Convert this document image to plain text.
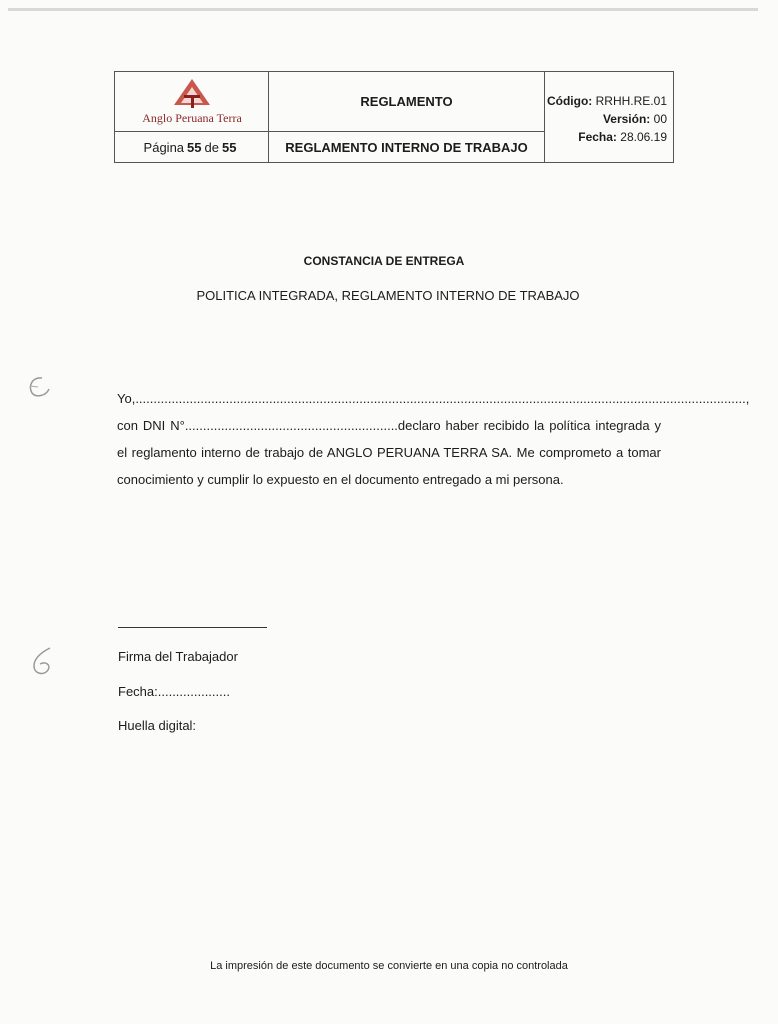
Anglo Peruana Terra
Página 55 de 55
REGLAMENTO
REGLAMENTO INTERNO DE TRABAJO
Código: RRHH.RE.01
Versión: 00
Fecha: 28.06.19
CONSTANCIA DE ENTREGA
POLITICA INTEGRADA, REGLAMENTO INTERNO DE TRABAJO
Yo,.........................................................................................................................................................................,
con DNI N°...........................................................declaro haber recibido la política integrada y
el reglamento interno de trabajo de ANGLO PERUANA TERRA SA. Me comprometo a tomar
conocimiento y cumplir lo expuesto en el documento entregado a mi persona.
Firma del Trabajador
Fecha:....................
Huella digital:
La impresión de este documento se convierte en una copia no controlada
